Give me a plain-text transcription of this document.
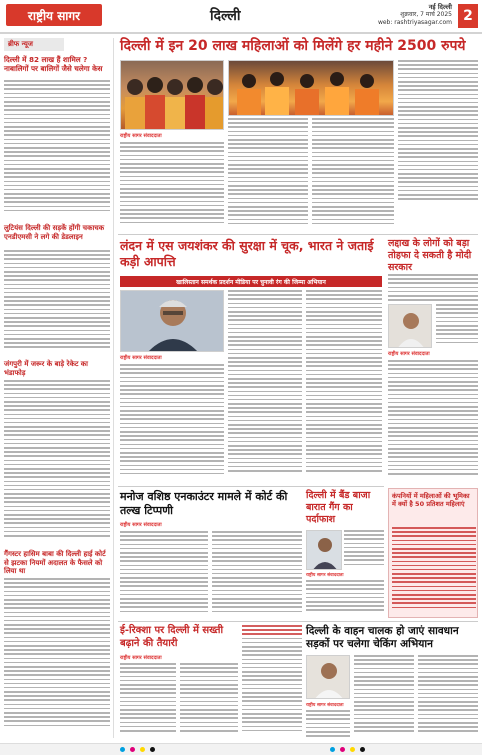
राष्ट्रीय सागर	दिल्ली
नई दिल्ली
शुक्रवार, 7 मार्च 2025
web: rashtriyasagar.com 2
ब्रीफ न्यूज
दिल्ली में 82 लाख हैं शामिल ? नाबालिगों पर बालिगों जैसे चलेगा केस
लुटियंस दिल्ली की सड़कें होंगी चकाचक एनडीएमसी ने लगे की डेडलाइन
जंगपुरी में जरूर के बाड़े रेकेट का भंडाफोड़
गैंगस्टर हासिम बाबा की दिल्ली हाई कोर्ट से झटका नियमों अदालत के फैसले को लिया था
दिल्ली में इन 20 लाख महिलाओं को मिलेंगे हर महीने 2500 रुपये
राष्ट्रीय सागर संवाददाता
लंदन में एस जयशंकर की सुरक्षा में चूक, भारत ने जताई कड़ी आपत्ति
खालिस्तान समर्थक प्रदर्शन मीडिया पर चुनावी रंग की जिम्मा अभियान
राष्ट्रीय सागर संवाददाता
लद्दाख के लोगों को बड़ा तोहफा दे सकती है मोदी सरकार
राष्ट्रीय सागर संवाददाता
मनोज वशिष्ठ एनकाउंटर मामले में कोर्ट की तल्ख टिप्पणी
राष्ट्रीय सागर संवाददाता
दिल्ली में बैंड बाजा बारात गैंग का पर्दाफाश
राष्ट्रीय सागर संवाददाता
कंपनियों में महिलाओं की भूमिका में क्यों है 50 प्रतिशत महिलाएं
ई-रिक्शा पर दिल्ली में सख्ती बढ़ाने की तैयारी
राष्ट्रीय सागर संवाददाता
दिल्ली के वाहन चालक हो जाएं सावधान सड़कों पर चलेगा चेकिंग अभियान
राष्ट्रीय सागर संवाददाता
